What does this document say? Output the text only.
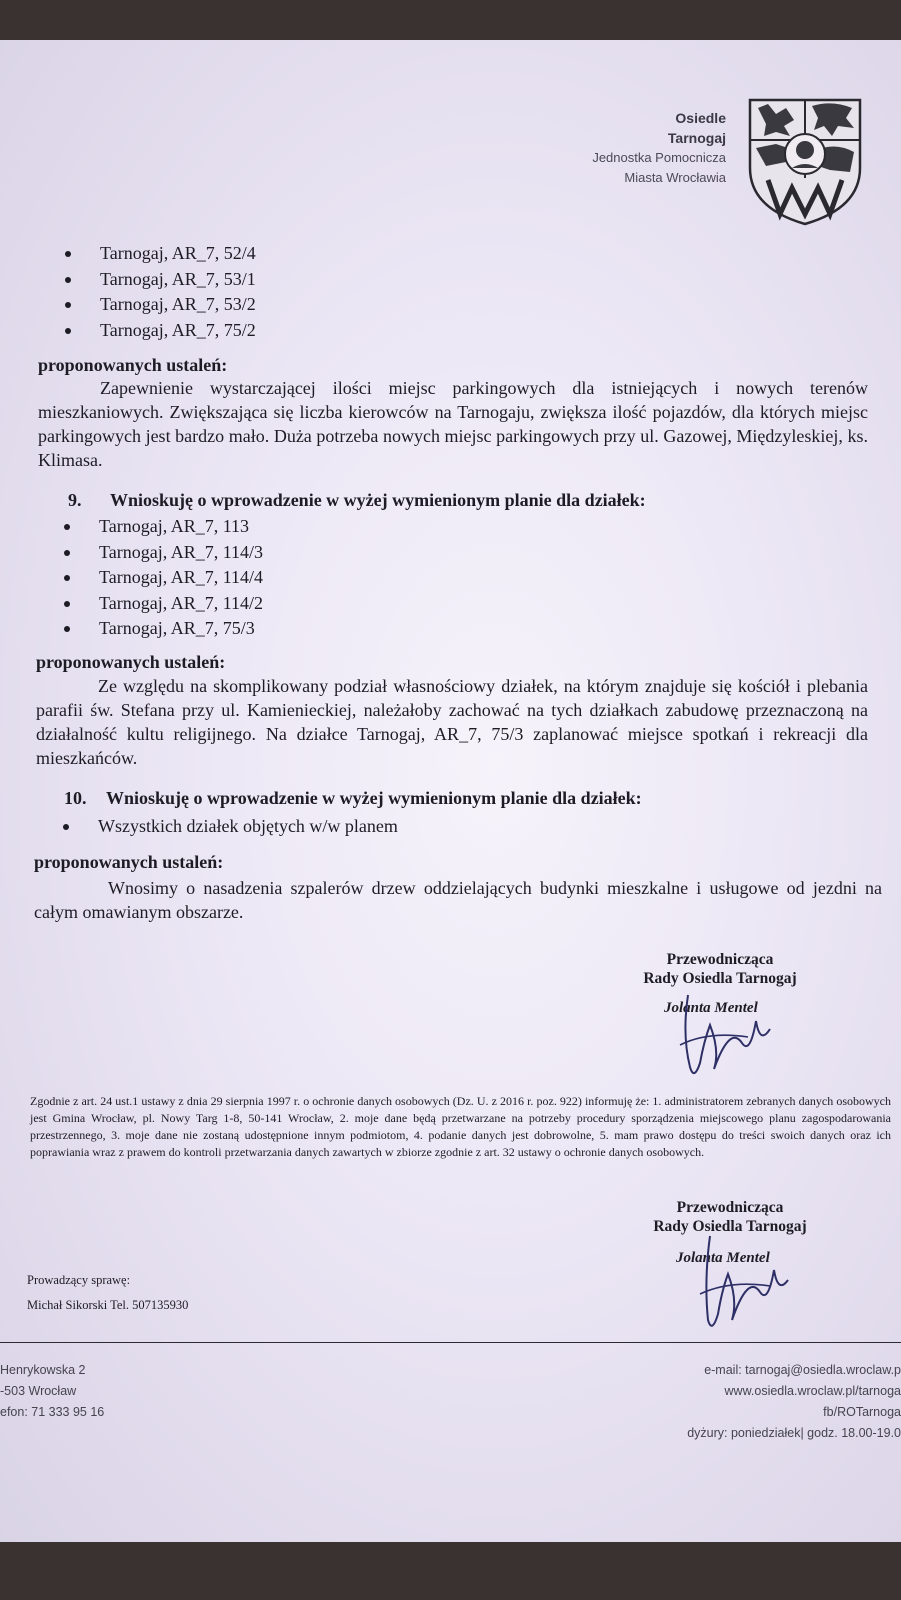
Osiedle
Tarnogaj
Jednostka Pomocnicza
Miasta Wrocławia
Tarnogaj, AR_7, 52/4
Tarnogaj, AR_7, 53/1
Tarnogaj, AR_7, 53/2
Tarnogaj, AR_7, 75/2
proponowanych ustaleń:
Zapewnienie wystarczającej ilości miejsc parkingowych dla istniejących i nowych terenów mieszkaniowych. Zwiększająca się liczba kierowców na Tarnogaju, zwiększa ilość pojazdów, dla których miejsc parkingowych jest bardzo mało. Duża potrzeba nowych miejsc parkingowych przy ul. Gazowej, Międzyleskiej, ks. Klimasa.
9. Wnioskuję o wprowadzenie w wyżej wymienionym planie dla działek:
Tarnogaj, AR_7, 113
Tarnogaj, AR_7, 114/3
Tarnogaj, AR_7, 114/4
Tarnogaj, AR_7, 114/2
Tarnogaj, AR_7, 75/3
proponowanych ustaleń:
Ze względu na skomplikowany podział własnościowy działek, na którym znajduje się kościół i plebania parafii św. Stefana przy ul. Kamienieckiej, należałoby zachować na tych działkach zabudowę przeznaczoną na działalność kultu religijnego. Na działce Tarnogaj, AR_7, 75/3 zaplanować miejsce spotkań i rekreacji dla mieszkańców.
10. Wnioskuję o wprowadzenie w wyżej wymienionym planie dla działek:
Wszystkich działek objętych w/w planem
proponowanych ustaleń:
Wnosimy o nasadzenia szpalerów drzew oddzielających budynki mieszkalne i usługowe od jezdni na całym omawianym obszarze.
Przewodnicząca
Rady Osiedla Tarnogaj
Jolanta Mentel
Zgodnie z art. 24 ust.1 ustawy z dnia 29 sierpnia 1997 r. o ochronie danych osobowych (Dz. U. z 2016 r. poz. 922) informuję że: 1. administratorem zebranych danych osobowych jest Gmina Wrocław, pl. Nowy Targ 1-8, 50-141 Wrocław, 2. moje dane będą przetwarzane na potrzeby procedury sporządzenia miejscowego planu zagospodarowania przestrzennego, 3. moje dane nie zostaną udostępnione innym podmiotom, 4. podanie danych jest dobrowolne, 5. mam prawo dostępu do treści swoich danych oraz ich poprawiania wraz z prawem do kontroli przetwarzania danych zawartych w zbiorze zgodnie z art. 32 ustawy o ochronie danych osobowych.
Przewodnicząca
Rady Osiedla Tarnogaj
Jolanta Mentel
Prowadzący sprawę:
Michał Sikorski Tel. 507135930
Henrykowska 2
-503 Wrocław
efon: 71 333 95 16
e-mail: tarnogaj@osiedla.wroclaw.p
www.osiedla.wroclaw.pl/tarnoga
fb/ROTarnoga
dyżury: poniedziałek| godz. 18.00-19.0
